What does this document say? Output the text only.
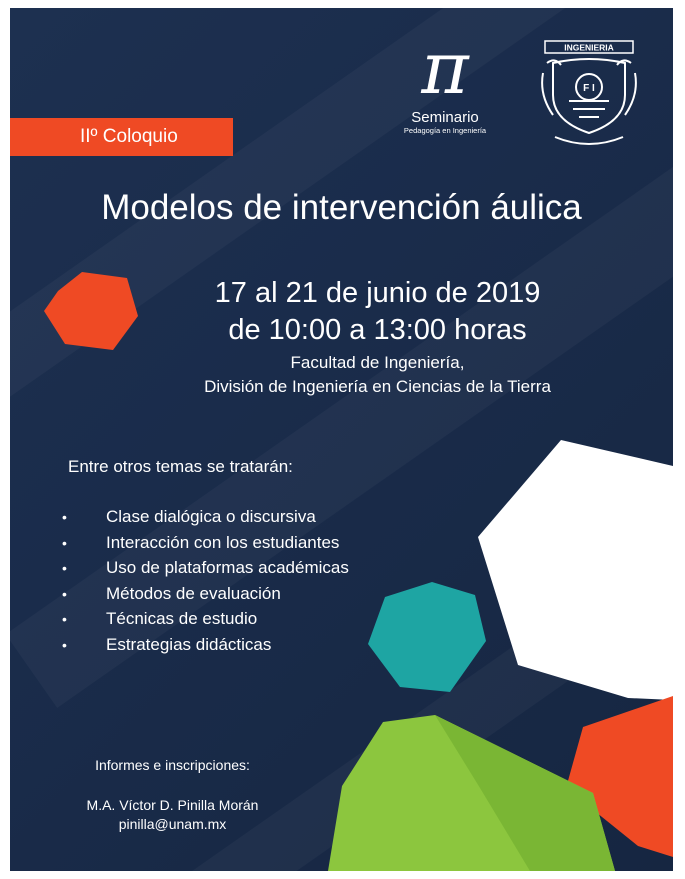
π
Seminario
Pedagogía en Ingeniería
INGENIERIA
F I
IIº Coloquio
Modelos de intervención áulica
17 al 21 de junio de 2019
de 10:00 a 13:00 horas
Facultad de Ingeniería,
División de Ingeniería en Ciencias de la Tierra
Entre otros temas se tratarán:
• Clase dialógica o discursiva
• Interacción con los estudiantes
• Uso de plataformas académicas
• Métodos de evaluación
• Técnicas de estudio
• Estrategias didácticas
Informes e inscripciones:
M.A. Víctor D. Pinilla Morán
pinilla@unam.mx
